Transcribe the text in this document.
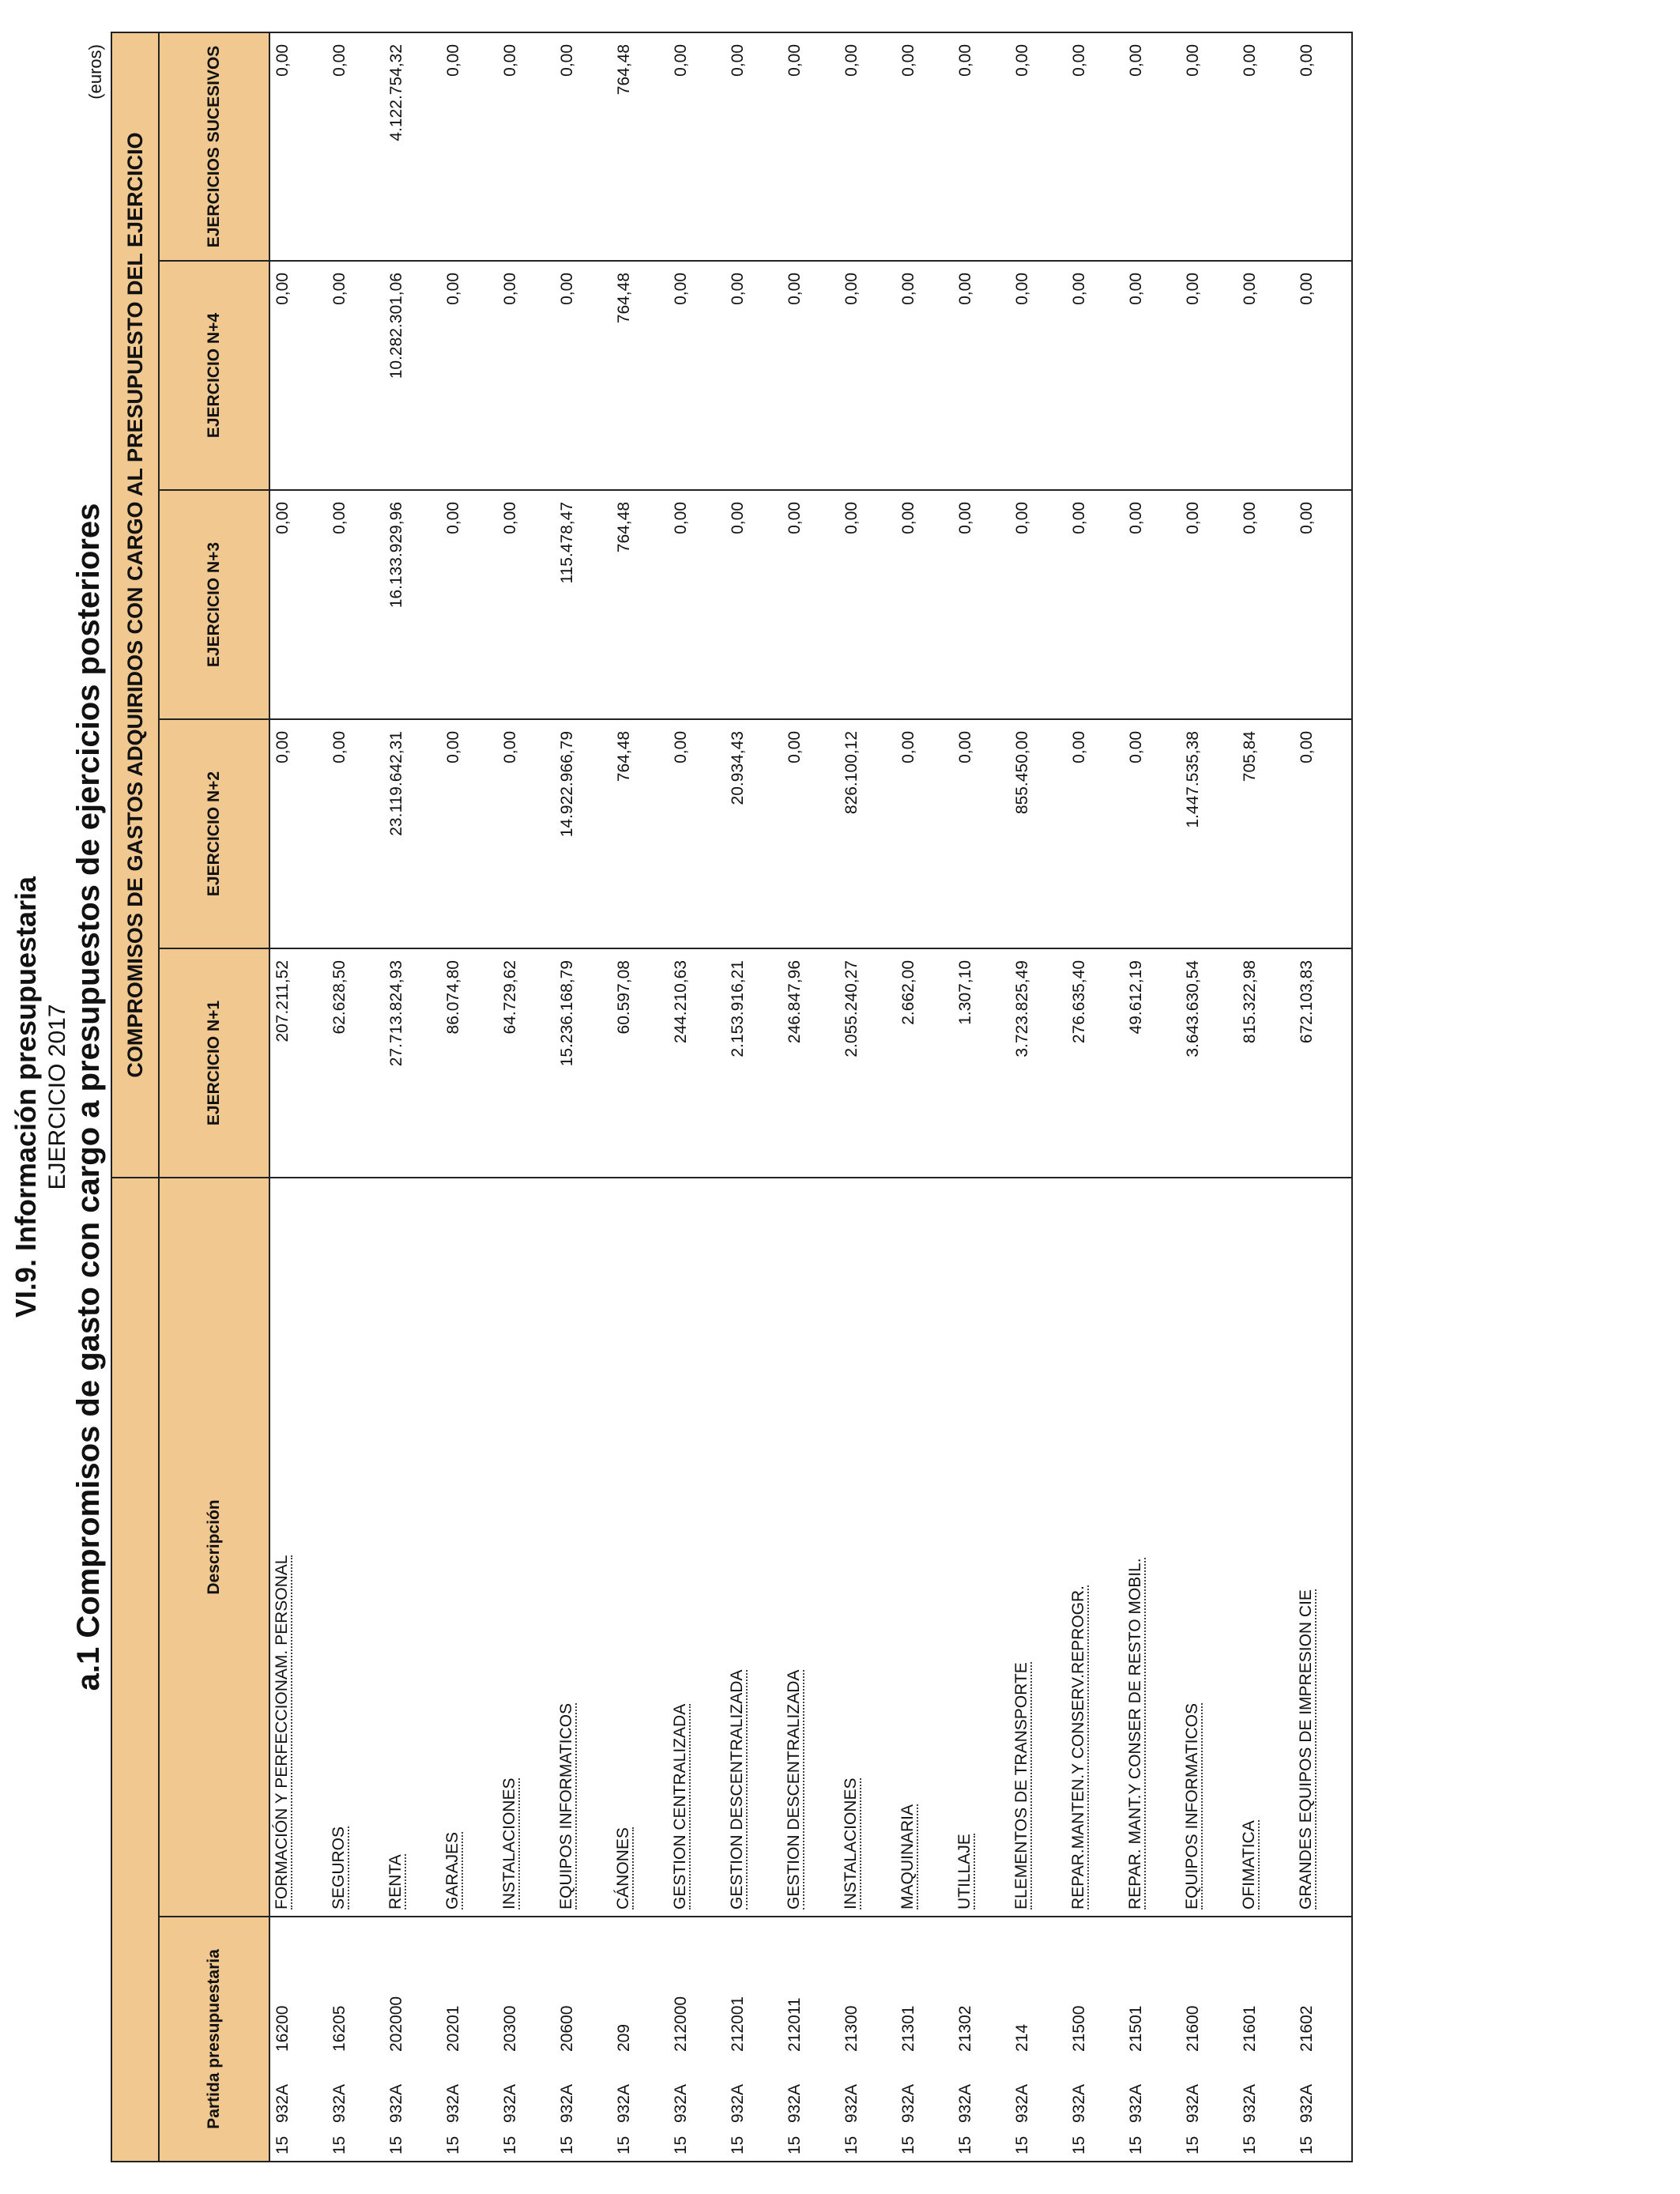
VI.9. Información presupuestaria EJERCICIO 2017 a.1 Compromisos de gasto con cargo a presupuestos de ejercicios posteriores
(euros)
		COMPROMISOS DE GASTOS ADQUIRIDOS CON CARGO AL PRESUPUESTO DEL EJERCICIO				
Partida presupuestaria	Descripción	EJERCICIO N+1	EJERCICIO N+2	EJERCICIO N+3	EJERCICIO N+4	EJERCICIOS SUCESIVOS
15932A16200	FORMACIÓN Y PERFECCIONAM. PERSONAL	207.211,52	0,00	0,00	0,00	0,00
15932A16205	SEGUROS	62.628,50	0,00	0,00	0,00	0,00
15932A202000	RENTA	27.713.824,93	23.119.642,31	16.133.929,96	10.282.301,06	4.122.754,32
15932A20201	GARAJES	86.074,80	0,00	0,00	0,00	0,00
15932A20300	INSTALACIONES	64.729,62	0,00	0,00	0,00	0,00
15932A20600	EQUIPOS INFORMATICOS	15.236.168,79	14.922.966,79	115.478,47	0,00	0,00
15932A209	CÁNONES	60.597,08	764,48	764,48	764,48	764,48
15932A212000	GESTION CENTRALIZADA	244.210,63	0,00	0,00	0,00	0,00
15932A212001	GESTION DESCENTRALIZADA	2.153.916,21	20.934,43	0,00	0,00	0,00
15932A212011	GESTION DESCENTRALIZADA	246.847,96	0,00	0,00	0,00	0,00
15932A21300	INSTALACIONES	2.055.240,27	826.100,12	0,00	0,00	0,00
15932A21301	MAQUINARIA	2.662,00	0,00	0,00	0,00	0,00
15932A21302	UTILLAJE	1.307,10	0,00	0,00	0,00	0,00
15932A214	ELEMENTOS DE TRANSPORTE	3.723.825,49	855.450,00	0,00	0,00	0,00
15932A21500	REPAR.MANTEN.Y CONSERV.REPROGR.	276.635,40	0,00	0,00	0,00	0,00
15932A21501	REPAR. MANT.Y CONSER DE RESTO MOBIL.	49.612,19	0,00	0,00	0,00	0,00
15932A21600	EQUIPOS INFORMATICOS	3.643.630,54	1.447.535,38	0,00	0,00	0,00
15932A21601	OFIMATICA	815.322,98	705,84	0,00	0,00	0,00
15932A21602	GRANDES EQUIPOS DE IMPRESION CIE	672.103,83	0,00	0,00	0,00	0,00
